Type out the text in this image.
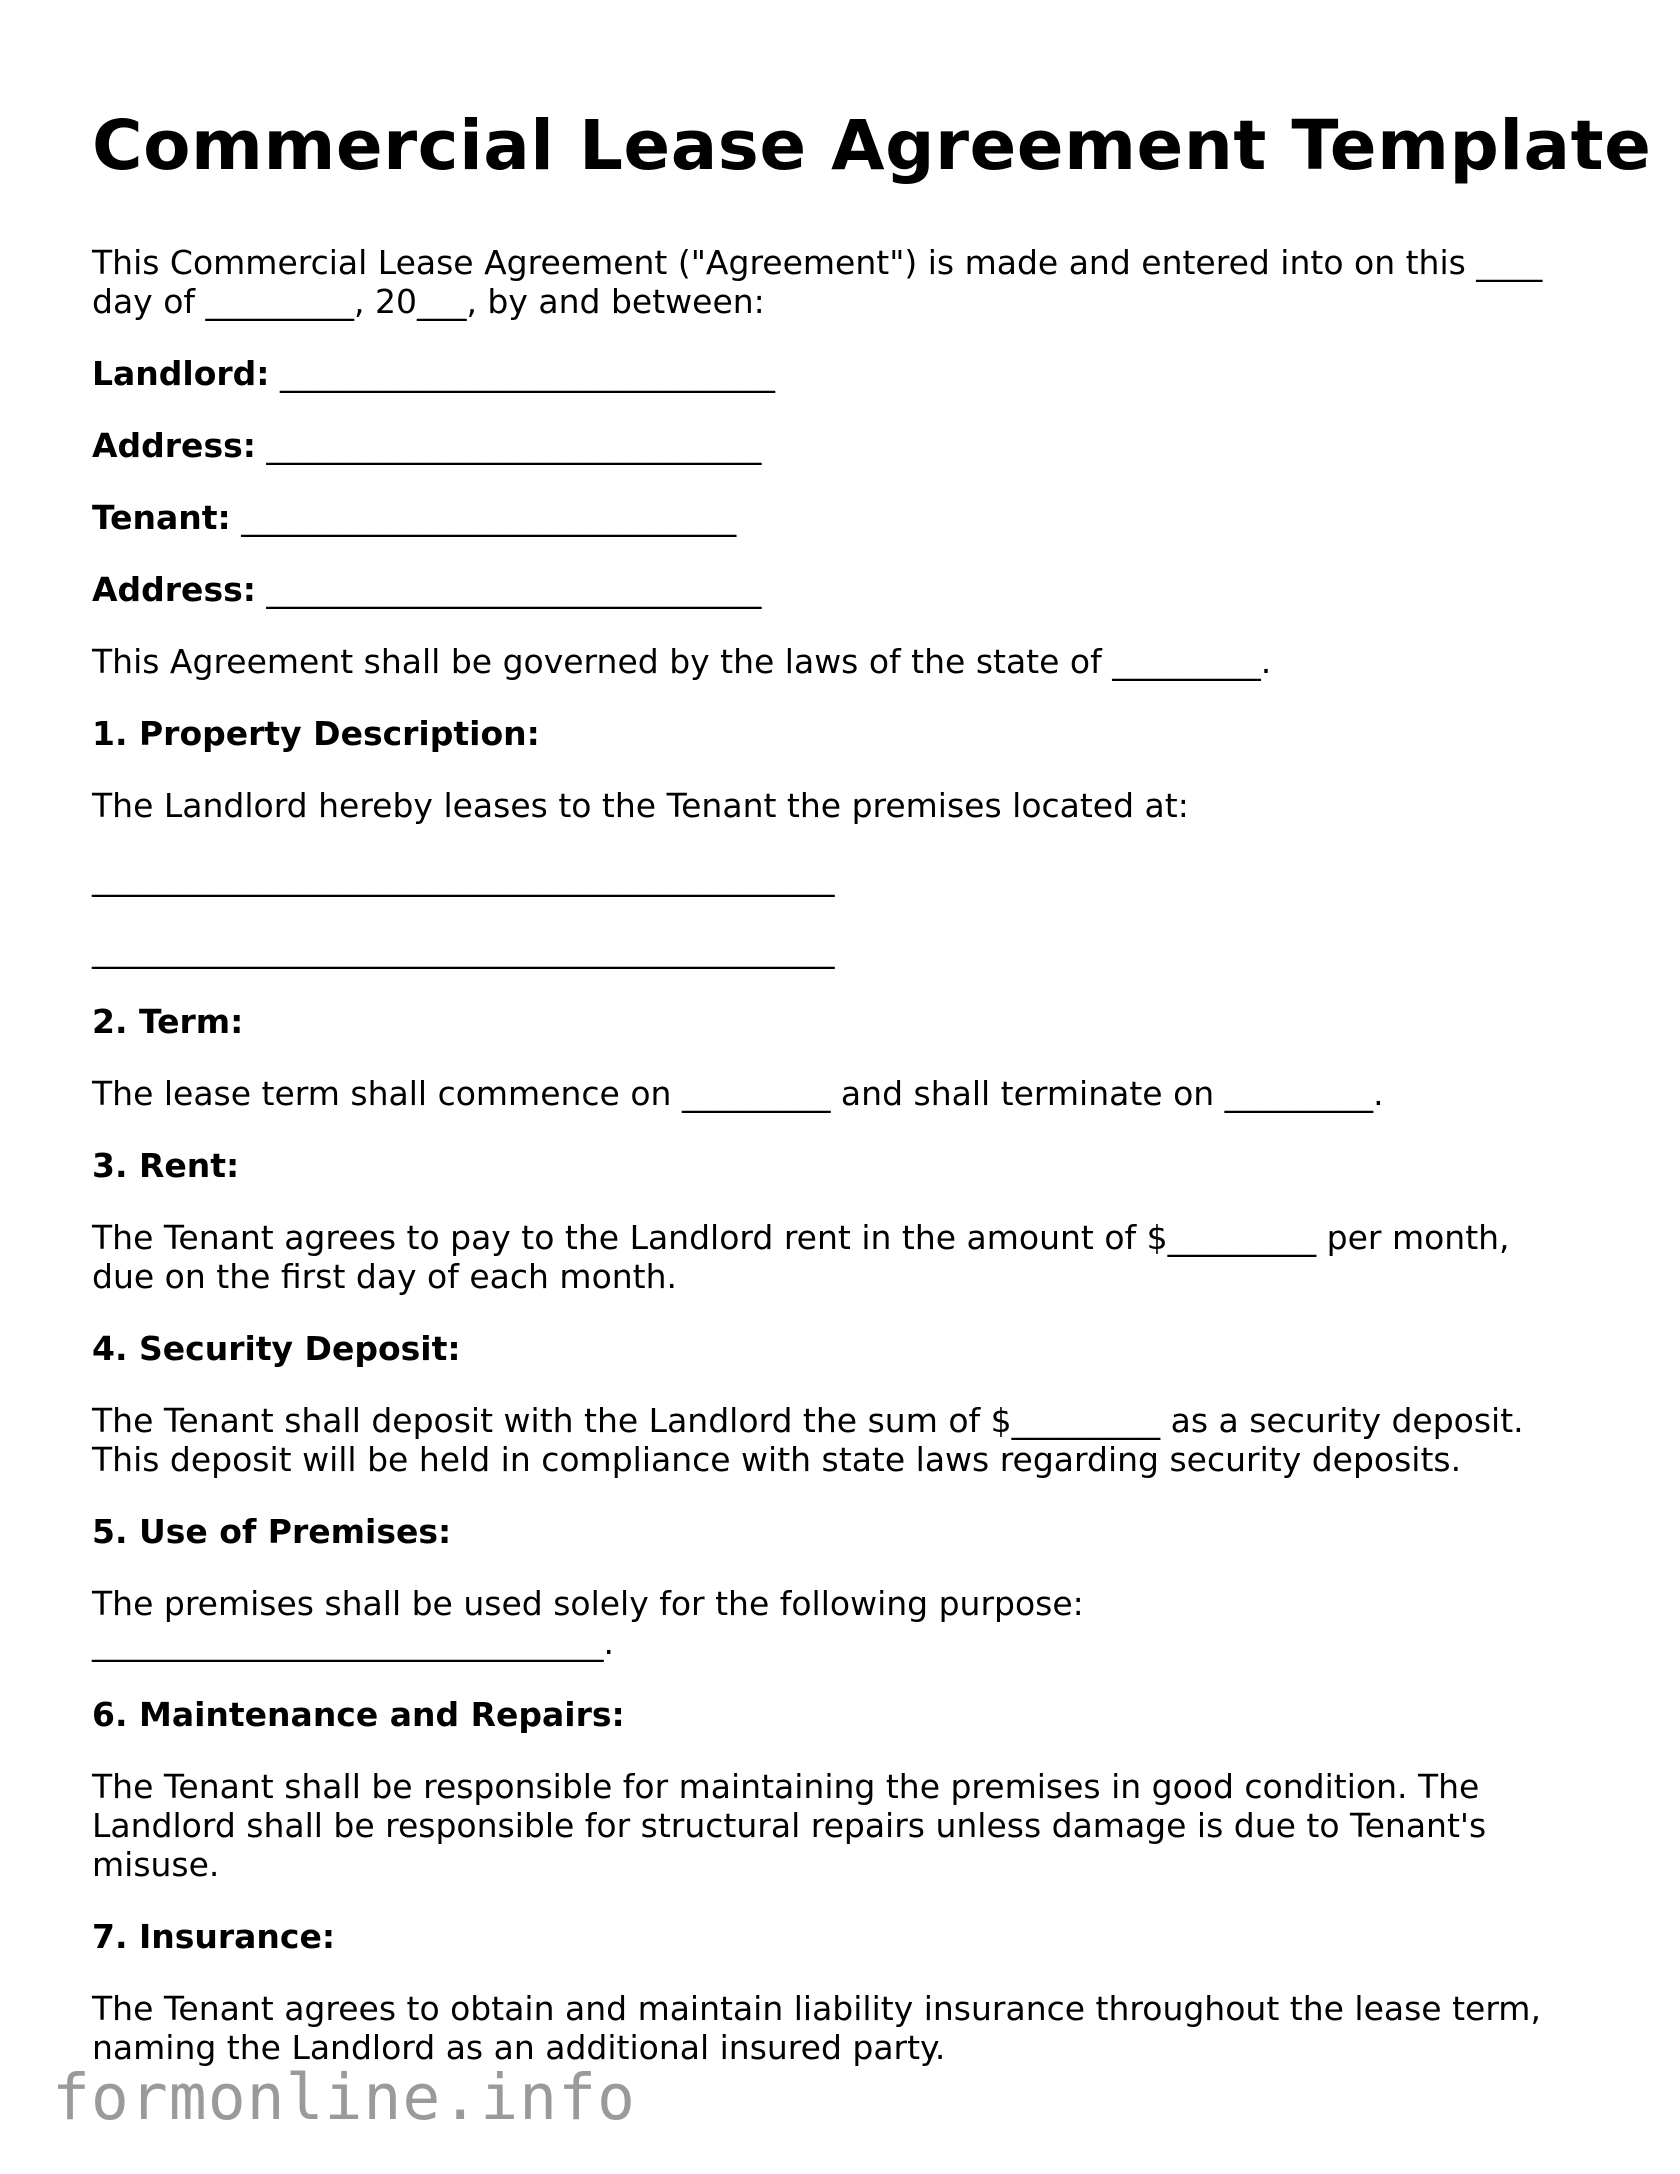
Commercial Lease Agreement Template
This Commercial Lease Agreement ("Agreement") is made and entered into on this ____
day of _________, 20___, by and between:
Landlord: ______________________________
Address: ______________________________
Tenant: ______________________________
Address: ______________________________
This Agreement shall be governed by the laws of the state of _________.
1. Property Description:
The Landlord hereby leases to the Tenant the premises located at:
_____________________________________________
_____________________________________________
2. Term:
The lease term shall commence on _________ and shall terminate on _________.
3. Rent:
The Tenant agrees to pay to the Landlord rent in the amount of $_________ per month,
due on the first day of each month.
4. Security Deposit:
The Tenant shall deposit with the Landlord the sum of $_________ as a security deposit.
This deposit will be held in compliance with state laws regarding security deposits.
5. Use of Premises:
The premises shall be used solely for the following purpose:
_______________________________.
6. Maintenance and Repairs:
The Tenant shall be responsible for maintaining the premises in good condition. The
Landlord shall be responsible for structural repairs unless damage is due to Tenant's
misuse.
7. Insurance:
The Tenant agrees to obtain and maintain liability insurance throughout the lease term,
naming the Landlord as an additional insured party.
formonline.info
